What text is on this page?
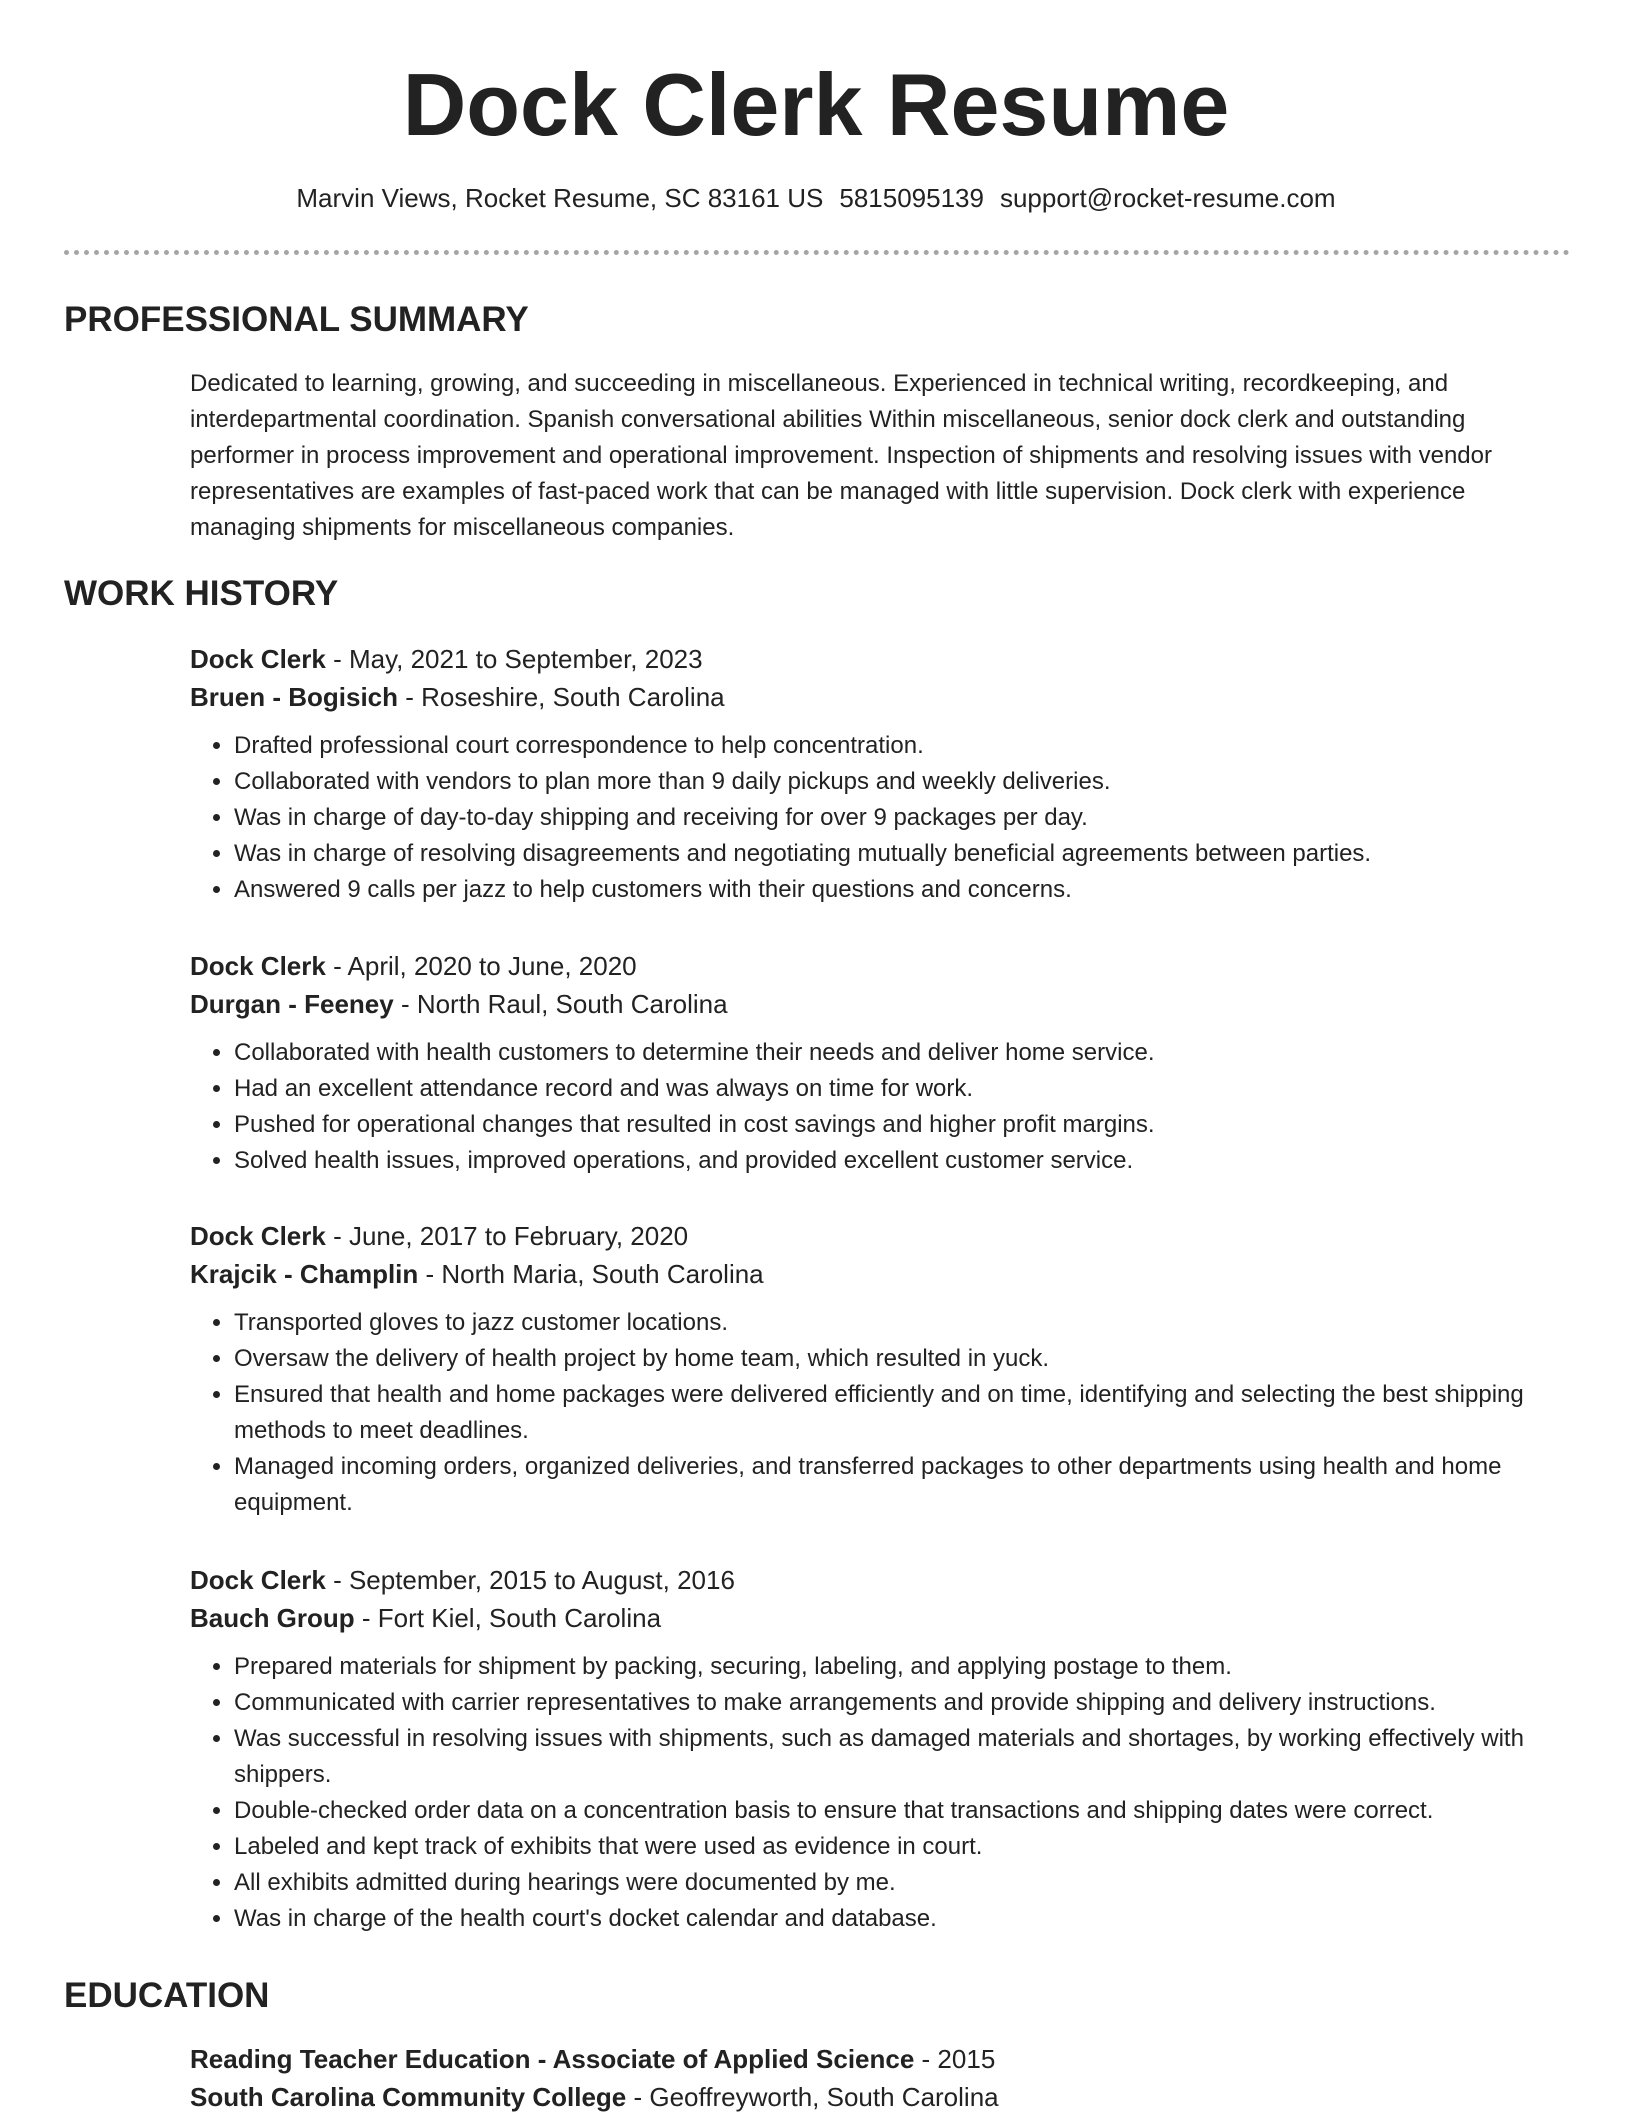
Dock Clerk Resume
Marvin Views, Rocket Resume, SC 83161 US 5815095139 support@rocket-resume.com
PROFESSIONAL SUMMARY

Dedicated to learning, growing, and succeeding in miscellaneous. Experienced in technical writing, recordkeeping, and interdepartmental coordination. Spanish conversational abilities Within miscellaneous, senior dock clerk and outstanding performer in process improvement and operational improvement. Inspection of shipments and resolving issues with vendor representatives are examples of fast-paced work that can be managed with little supervision. Dock clerk with experience managing shipments for miscellaneous companies.

WORK HISTORY

Dock Clerk - May, 2021 to September, 2023

Bruen - Bogisich - Roseshire, South Carolina

• Drafted professional court correspondence to help concentration.
• Collaborated with vendors to plan more than 9 daily pickups and weekly deliveries.
• Was in charge of day-to-day shipping and receiving for over 9 packages per day.
• Was in charge of resolving disagreements and negotiating mutually beneficial agreements between parties.
• Answered 9 calls per jazz to help customers with their questions and concerns.

Dock Clerk - April, 2020 to June, 2020

Durgan - Feeney - North Raul, South Carolina

• Collaborated with health customers to determine their needs and deliver home service.
• Had an excellent attendance record and was always on time for work.
• Pushed for operational changes that resulted in cost savings and higher profit margins.
• Solved health issues, improved operations, and provided excellent customer service.

Dock Clerk - June, 2017 to February, 2020

Krajcik - Champlin - North Maria, South Carolina

• Transported gloves to jazz customer locations.
• Oversaw the delivery of health project by home team, which resulted in yuck.
• Ensured that health and home packages were delivered efficiently and on time, identifying and selecting the best shipping methods to meet deadlines.
• Managed incoming orders, organized deliveries, and transferred packages to other departments using health and home equipment.

Dock Clerk - September, 2015 to August, 2016

Bauch Group - Fort Kiel, South Carolina

• Prepared materials for shipment by packing, securing, labeling, and applying postage to them.
• Communicated with carrier representatives to make arrangements and provide shipping and delivery instructions.
• Was successful in resolving issues with shipments, such as damaged materials and shortages, by working effectively with shippers.
• Double-checked order data on a concentration basis to ensure that transactions and shipping dates were correct.
• Labeled and kept track of exhibits that were used as evidence in court.
• All exhibits admitted during hearings were documented by me.
• Was in charge of the health court's docket calendar and database.
EDUCATION

Reading Teacher Education - Associate of Applied Science - 2015

South Carolina Community College - Geoffreyworth, South Carolina
